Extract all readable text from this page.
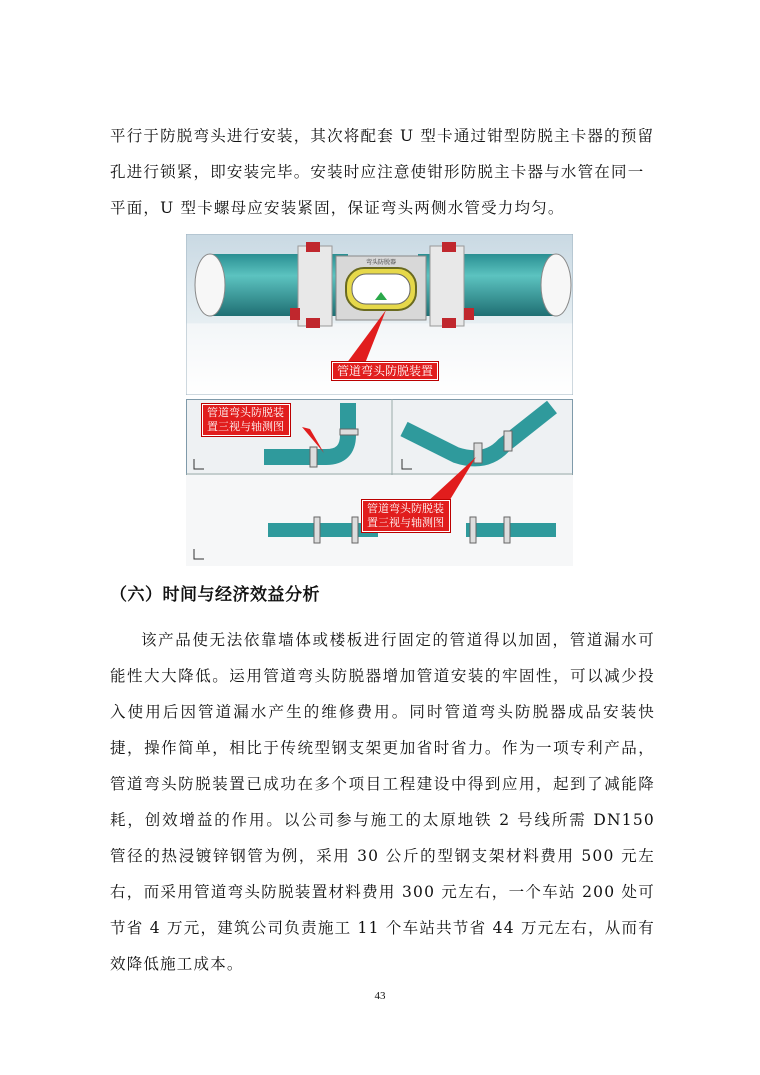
平行于防脱弯头进行安装，其次将配套 U 型卡通过钳型防脱主卡器的预留

孔进行锁紧，即安装完毕。安装时应注意使钳形防脱主卡器与水管在同一

平面，U 型卡螺母应安装紧固，保证弯头两侧水管受力均匀。

弯头防脱器
管道弯头防脱装置
管道弯头防脱装置三视与轴测图
管道弯头防脱装置三视与轴测图
（六）时间与经济效益分析

该产品使无法依靠墙体或楼板进行固定的管道得以加固，管道漏水可能性大大降低。运用管道弯头防脱器增加管道安装的牢固性，可以减少投入使用后因管道漏水产生的维修费用。同时管道弯头防脱器成品安装快捷，操作简单，相比于传统型钢支架更加省时省力。作为一项专利产品，管道弯头防脱装置已成功在多个项目工程建设中得到应用，起到了减能降耗，创效增益的作用。以公司参与施工的太原地铁 2 号线所需 DN150 管径的热浸镀锌钢管为例，采用 30 公斤的型钢支架材料费用 500 元左右，而采用管道弯头防脱装置材料费用 300 元左右，一个车站 200 处可节省 4 万元，建筑公司负责施工 11 个车站共节省 44 万元左右，从而有效降低施工成本。

43
